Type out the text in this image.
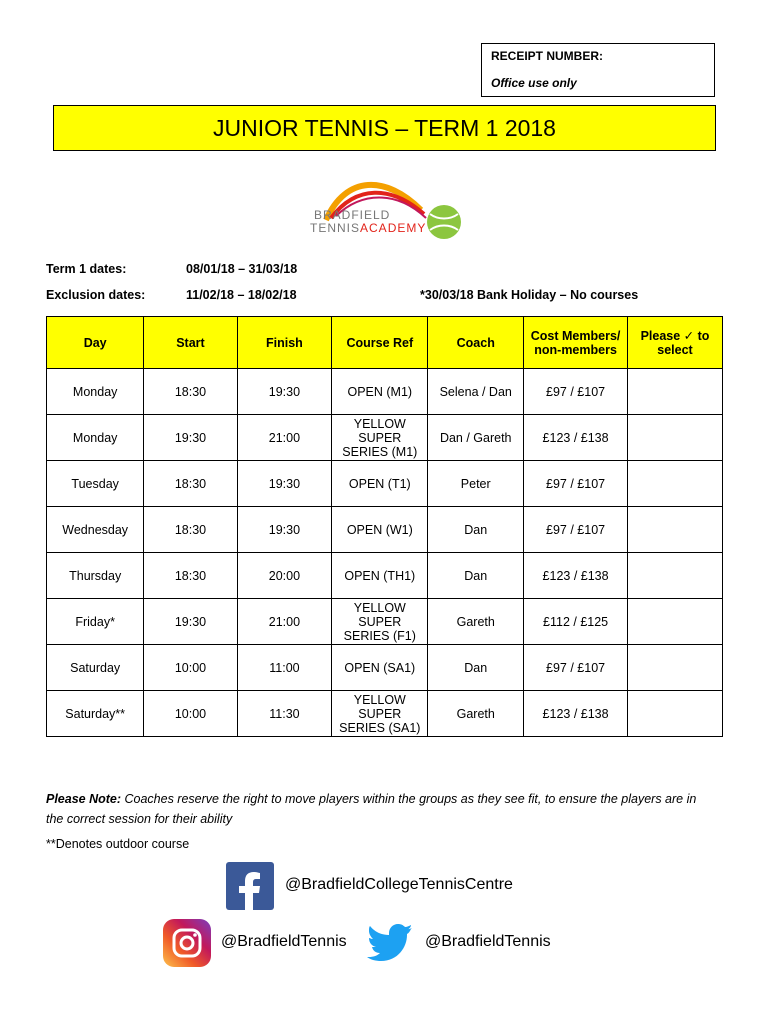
RECEIPT NUMBER:
Office use only
JUNIOR TENNIS – TERM 1 2018
BRADFIELD
TENNISACADEMY
Term 1 dates:	08/01/18 – 31/03/18
Exclusion dates:	11/02/18 – 18/02/18	*30/03/18 Bank Holiday – No courses
Day	Start	Finish	Course Ref	Coach	Cost Members/ non-members	Please ✓ to select
Monday	18:30	19:30	OPEN (M1)	Selena / Dan	£97 / £107	
Monday	19:30	21:00	YELLOW SUPER SERIES (M1)	Dan / Gareth	£123 / £138	
Tuesday	18:30	19:30	OPEN (T1)	Peter	£97 / £107	
Wednesday	18:30	19:30	OPEN (W1)	Dan	£97 / £107	
Thursday	18:30	20:00	OPEN (TH1)	Dan	£123 / £138	
Friday*	19:30	21:00	YELLOW SUPER SERIES (F1)	Gareth	£112 / £125	
Saturday	10:00	11:00	OPEN (SA1)	Dan	£97 / £107	
Saturday**	10:00	11:30	YELLOW SUPER SERIES (SA1)	Gareth	£123 / £138	
Please Note: Coaches reserve the right to move players within the groups as they see fit, to ensure the players are in the correct session for their ability
**Denotes outdoor course
@BradfieldCollegeTennisCentre
@BradfieldTennis	@BradfieldTennis
